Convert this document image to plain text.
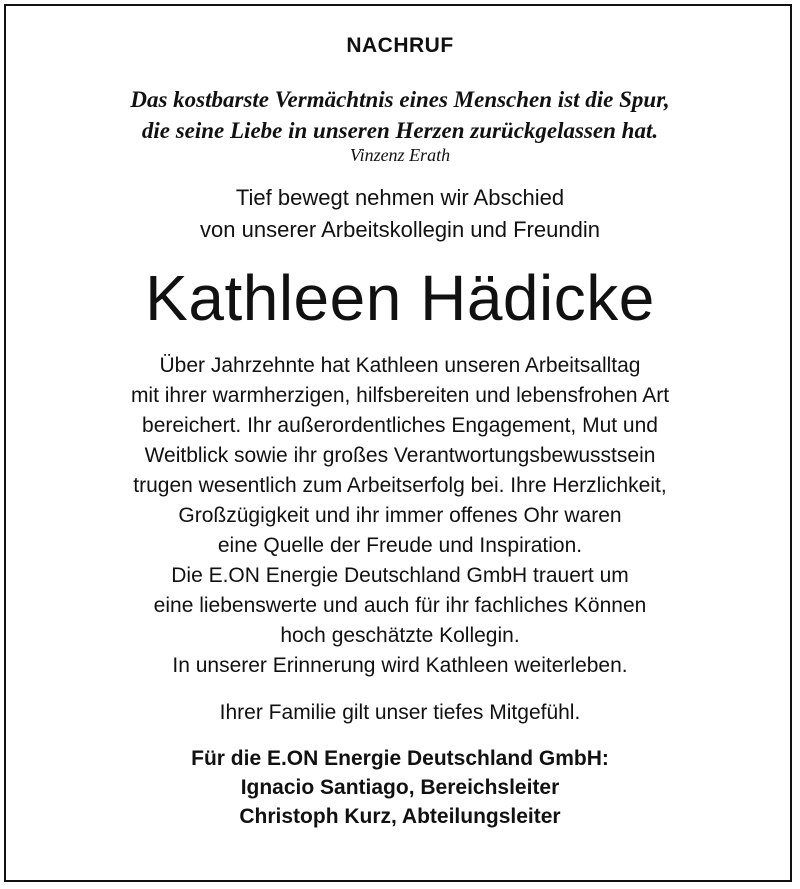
NACHRUF
Das kostbarste Vermächtnis eines Menschen ist die Spur,
die seine Liebe in unseren Herzen zurückgelassen hat.
Vinzenz Erath
Tief bewegt nehmen wir Abschied
von unserer Arbeitskollegin und Freundin
Kathleen Hädicke
Über Jahrzehnte hat Kathleen unseren Arbeitsalltag
mit ihrer warmherzigen, hilfsbereiten und lebensfrohen Art
bereichert. Ihr außerordentliches Engagement, Mut und
Weitblick sowie ihr großes Verantwortungsbewusstsein
trugen wesentlich zum Arbeitserfolg bei. Ihre Herzlichkeit,
Großzügigkeit und ihr immer offenes Ohr waren
eine Quelle der Freude und Inspiration.
Die E.ON Energie Deutschland GmbH trauert um
eine liebenswerte und auch für ihr fachliches Können
hoch geschätzte Kollegin.
In unserer Erinnerung wird Kathleen weiterleben.
Ihrer Familie gilt unser tiefes Mitgefühl.
Für die E.ON Energie Deutschland GmbH:
Ignacio Santiago, Bereichsleiter
Christoph Kurz, Abteilungsleiter
